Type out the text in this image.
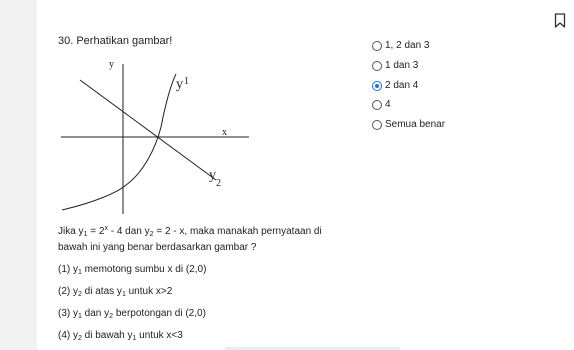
30. Perhatikan gambar!
y
x
$y^1$
$y_2$
Jika $y_1 = 2^x - 4$ dan $y_2 = 2 - x$, maka manakah pernyataan di
bawah ini yang benar berdasarkan gambar ?
(1) $y_1$ memotong sumbu x di (2,0)
(2) $y_2$ di atas $y_1$ untuk x>2
(3) $y_1$ dan $y_2$ berpotongan di (2,0)
(4) $y_2$ di bawah $y_1$ untuk x<3
1, 2 dan 3
1 dan 3
2 dan 4
4
Semua benar
